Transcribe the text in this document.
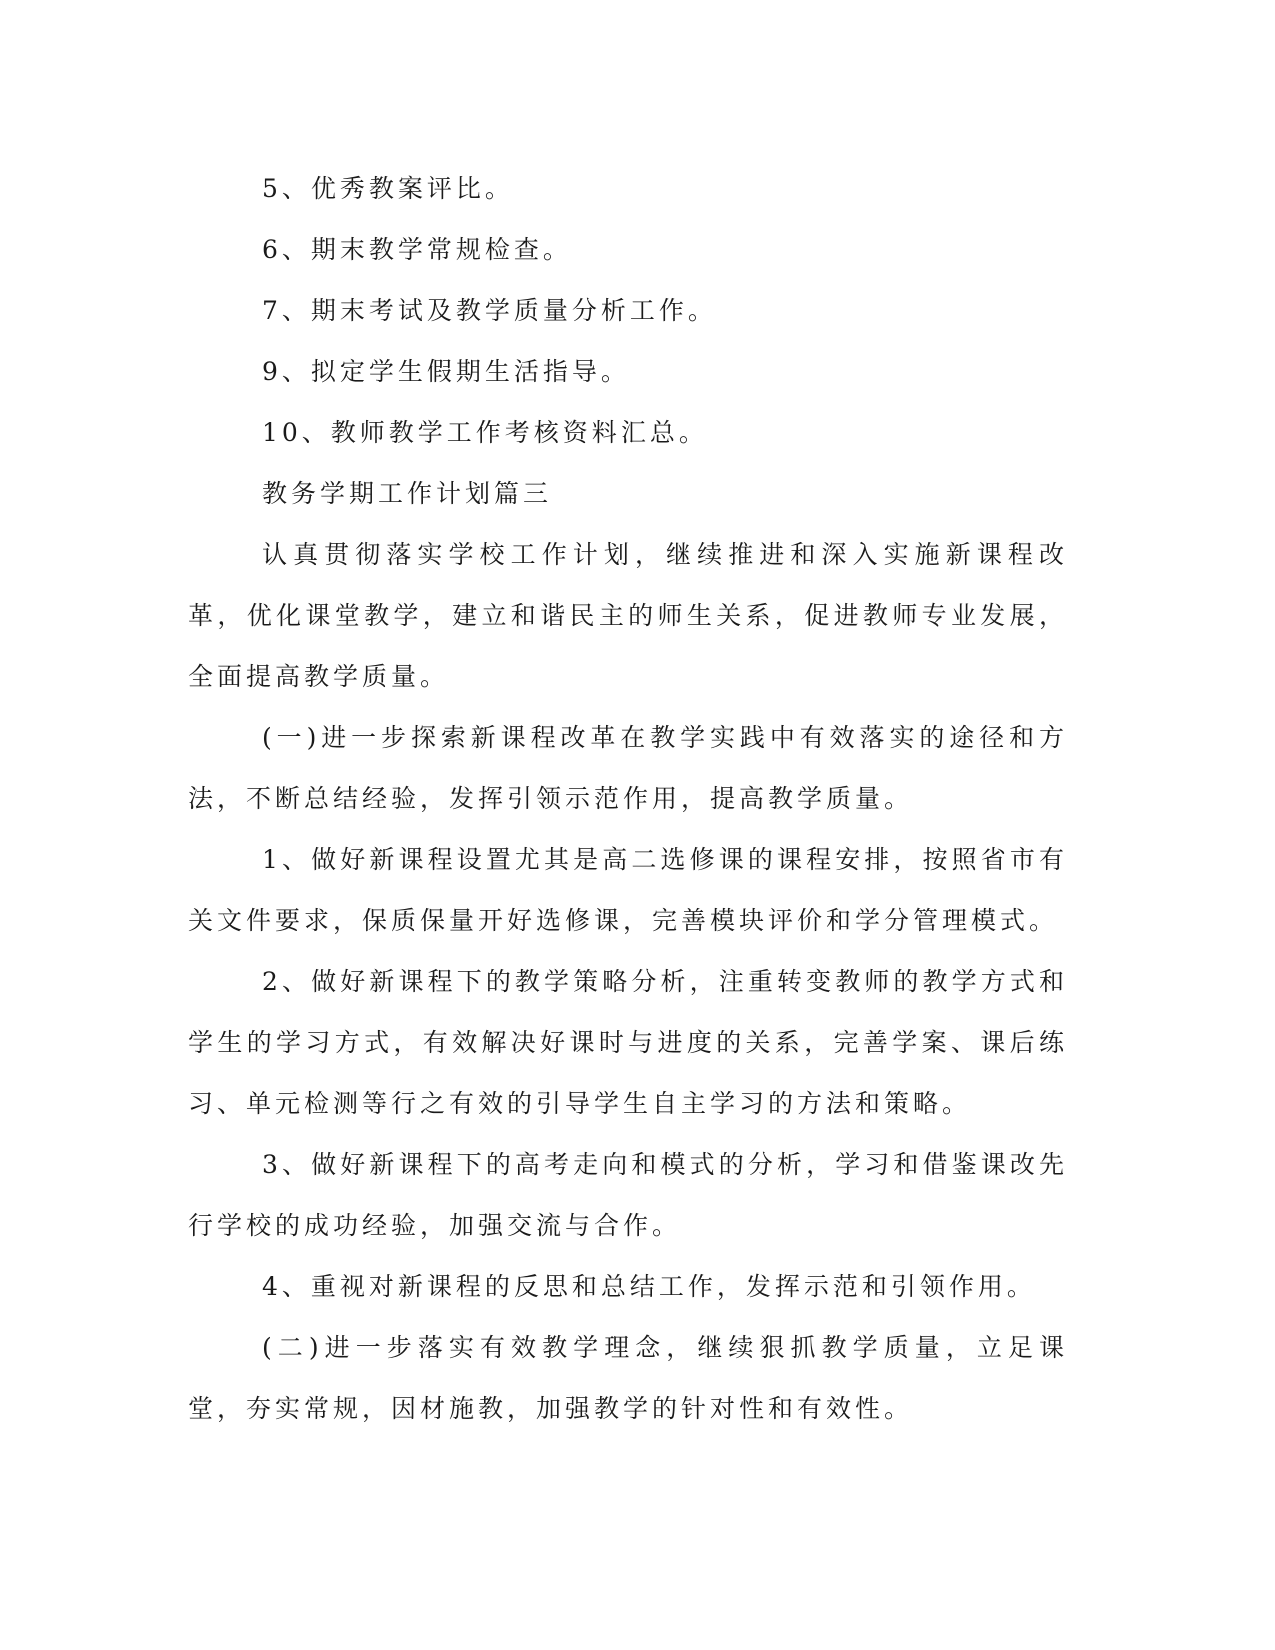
5、优秀教案评比。

6、期末教学常规检查。

7、期末考试及教学质量分析工作。

9、拟定学生假期生活指导。

10、教师教学工作考核资料汇总。

教务学期工作计划篇三

认真贯彻落实学校工作计划，继续推进和深入实施新课程改革，优化课堂教学，建立和谐民主的师生关系，促进教师专业发展，全面提高教学质量。

(一)进一步探索新课程改革在教学实践中有效落实的途径和方法，不断总结经验，发挥引领示范作用，提高教学质量。

1、做好新课程设置尤其是高二选修课的课程安排，按照省市有关文件要求，保质保量开好选修课，完善模块评价和学分管理模式。

2、做好新课程下的教学策略分析，注重转变教师的教学方式和学生的学习方式，有效解决好课时与进度的关系，完善学案、课后练习、单元检测等行之有效的引导学生自主学习的方法和策略。

3、做好新课程下的高考走向和模式的分析，学习和借鉴课改先行学校的成功经验，加强交流与合作。

4、重视对新课程的反思和总结工作，发挥示范和引领作用。

(二)进一步落实有效教学理念，继续狠抓教学质量，立足课堂，夯实常规，因材施教，加强教学的针对性和有效性。
